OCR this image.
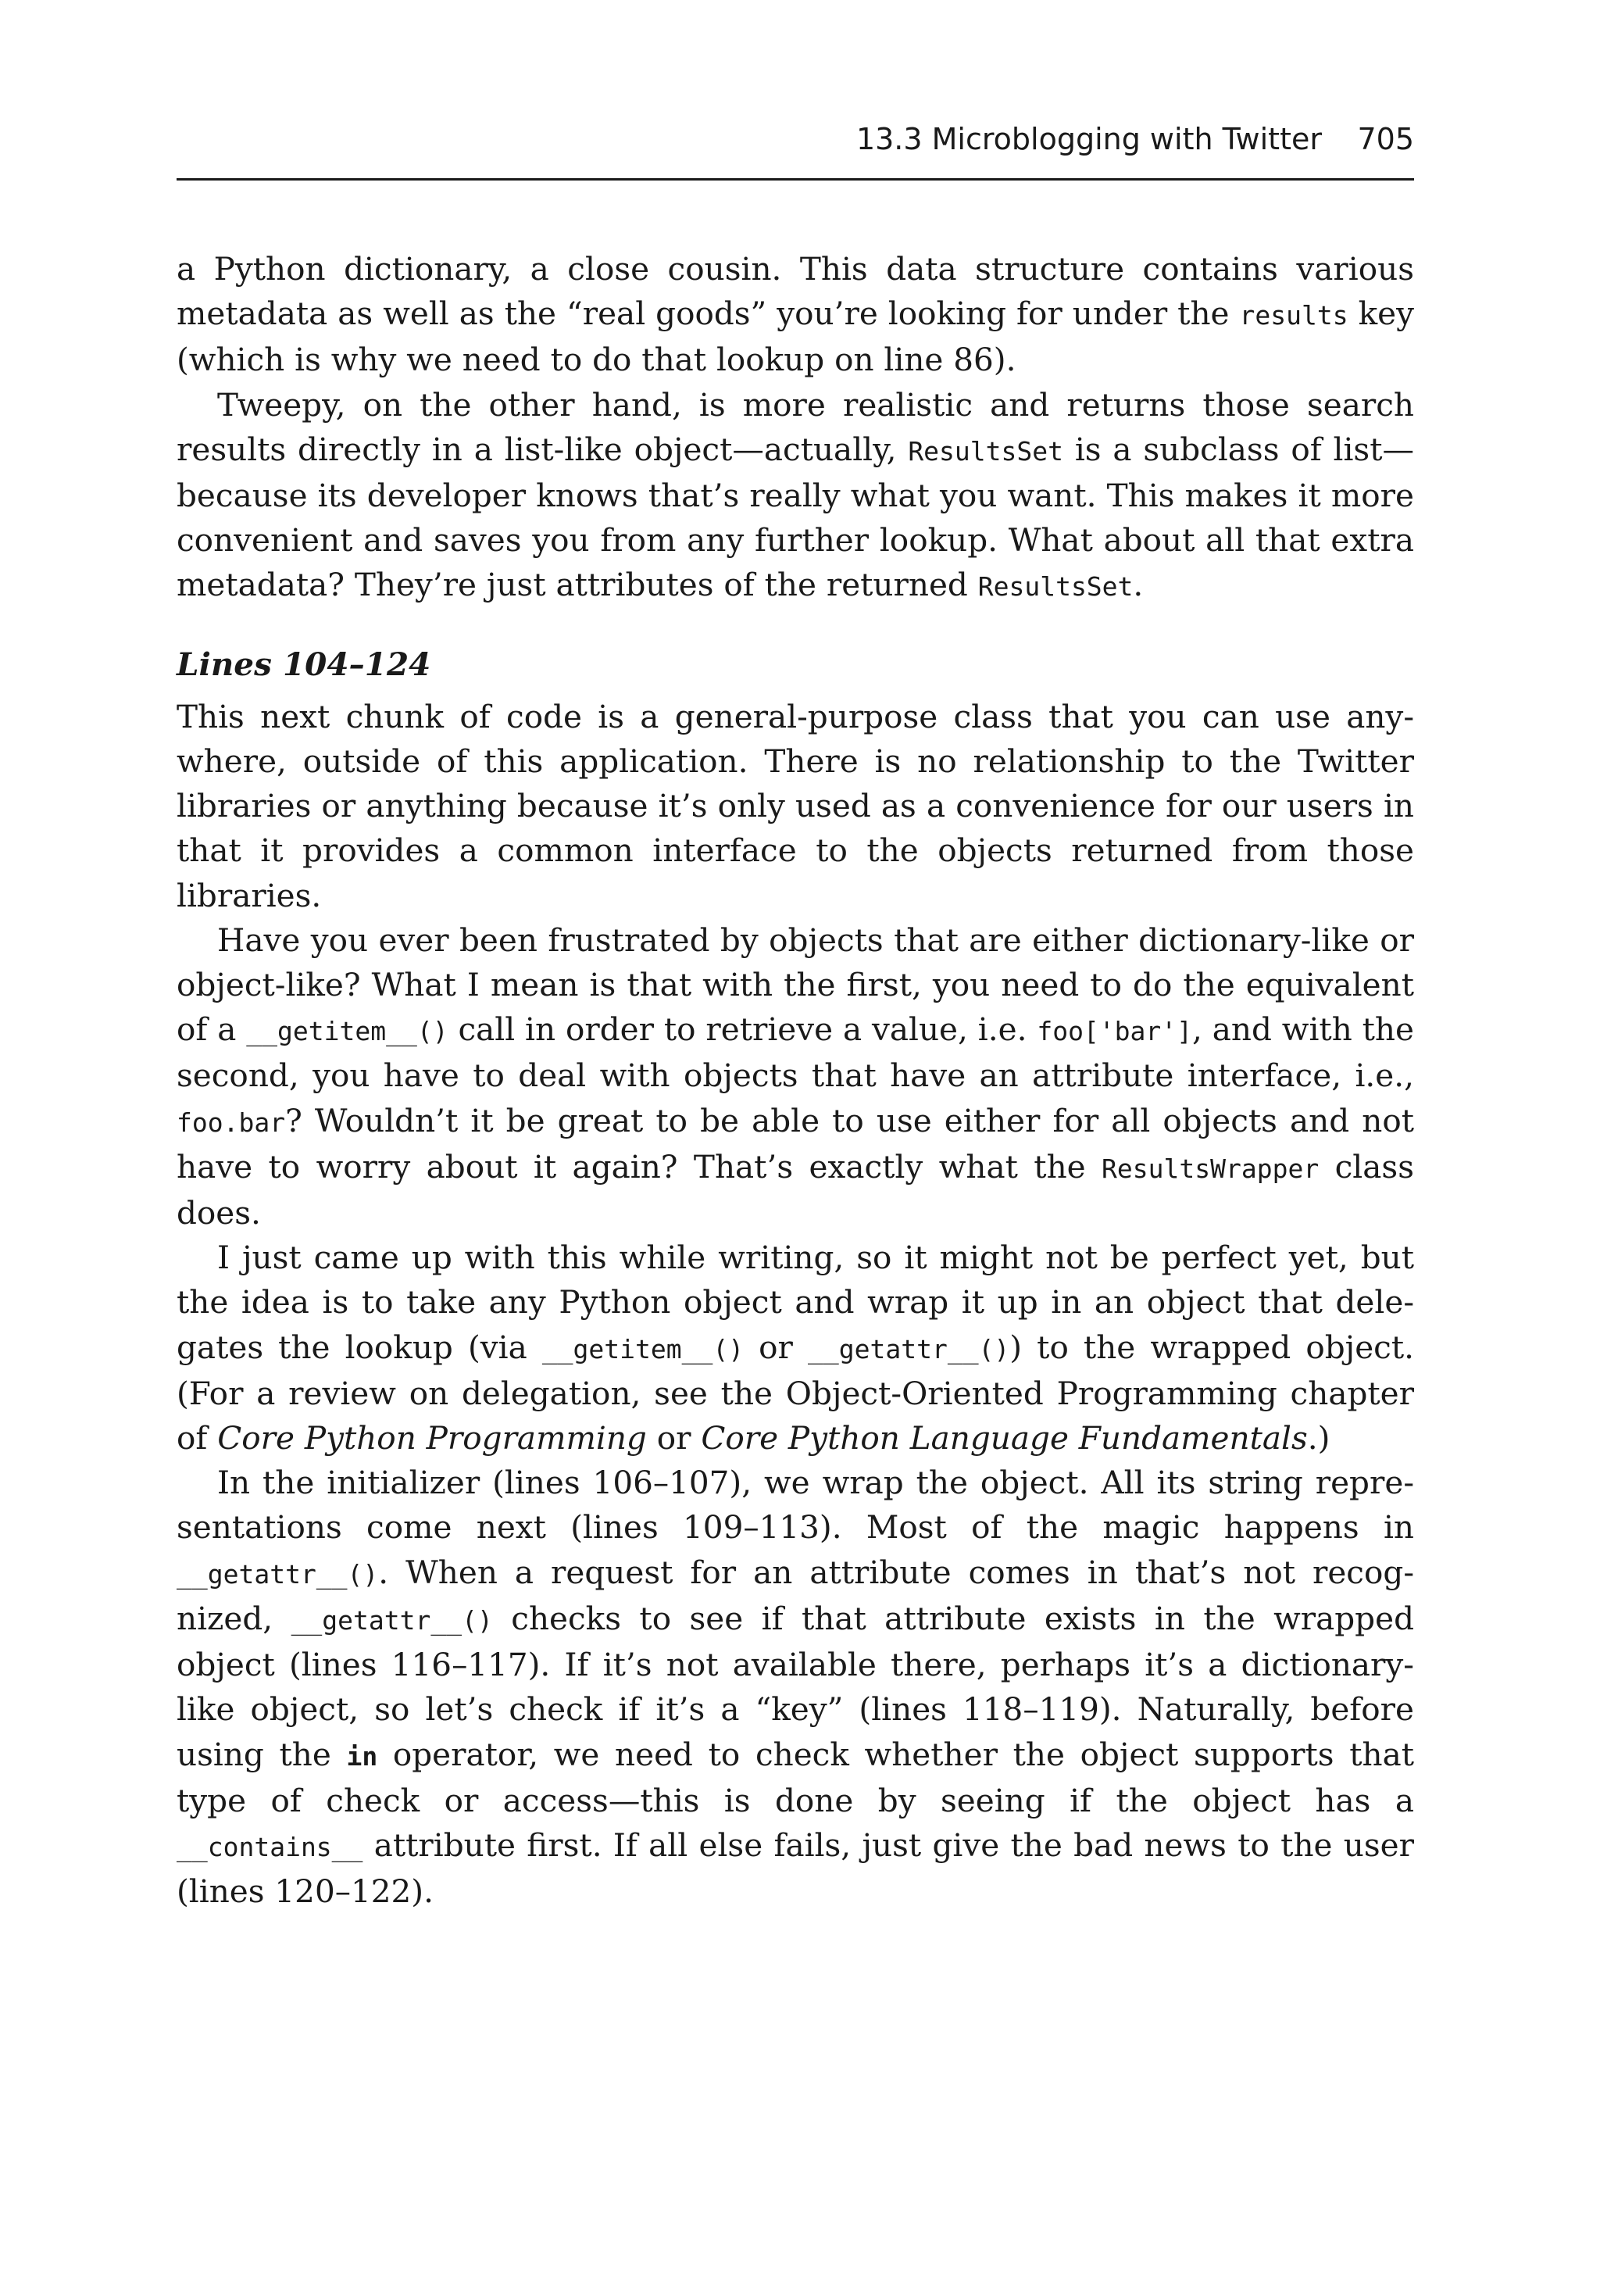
13.3 Microblogging with Twitter 705

a Python dictionary, a close cousin. This data structure contains various metadata as well as the “real goods” you’re looking for under the results key (which is why we need to do that lookup on line 86).

Tweepy, on the other hand, is more realistic and returns those search results directly in a list-like object—actually, ResultsSet is a subclass of list—because its developer knows that’s really what you want. This makes it more convenient and saves you from any further lookup. What about all that extra metadata? They’re just attributes of the returned ResultsSet.

Lines 104–124

This next chunk of code is a general-purpose class that you can use anywhere, outside of this application. There is no relationship to the Twitter libraries or anything because it’s only used as a convenience for our users in that it provides a common interface to the objects returned from those libraries.

Have you ever been frustrated by objects that are either dictionary-like or object-like? What I mean is that with the first, you need to do the equivalent of a __getitem__() call in order to retrieve a value, i.e. foo['bar'], and with the second, you have to deal with objects that have an attribute interface, i.e., foo.bar? Wouldn’t it be great to be able to use either for all objects and not have to worry about it again? That’s exactly what the ResultsWrapper class does.

I just came up with this while writing, so it might not be perfect yet, but the idea is to take any Python object and wrap it up in an object that delegates the lookup (via __getitem__() or __getattr__()) to the wrapped object. (For a review on delegation, see the Object-Oriented Programming chapter of Core Python Programming or Core Python Language Fundamentals.)

In the initializer (lines 106–107), we wrap the object. All its string representations come next (lines 109–113). Most of the magic happens in __getattr__(). When a request for an attribute comes in that’s not recognized, __getattr__() checks to see if that attribute exists in the wrapped object (lines 116–117). If it’s not available there, perhaps it’s a dictionary-like object, so let’s check if it’s a “key” (lines 118–119). Naturally, before using the in operator, we need to check whether the object supports that type of check or access—this is done by seeing if the object has a __contains__ attribute first. If all else fails, just give the bad news to the user (lines 120–122).
